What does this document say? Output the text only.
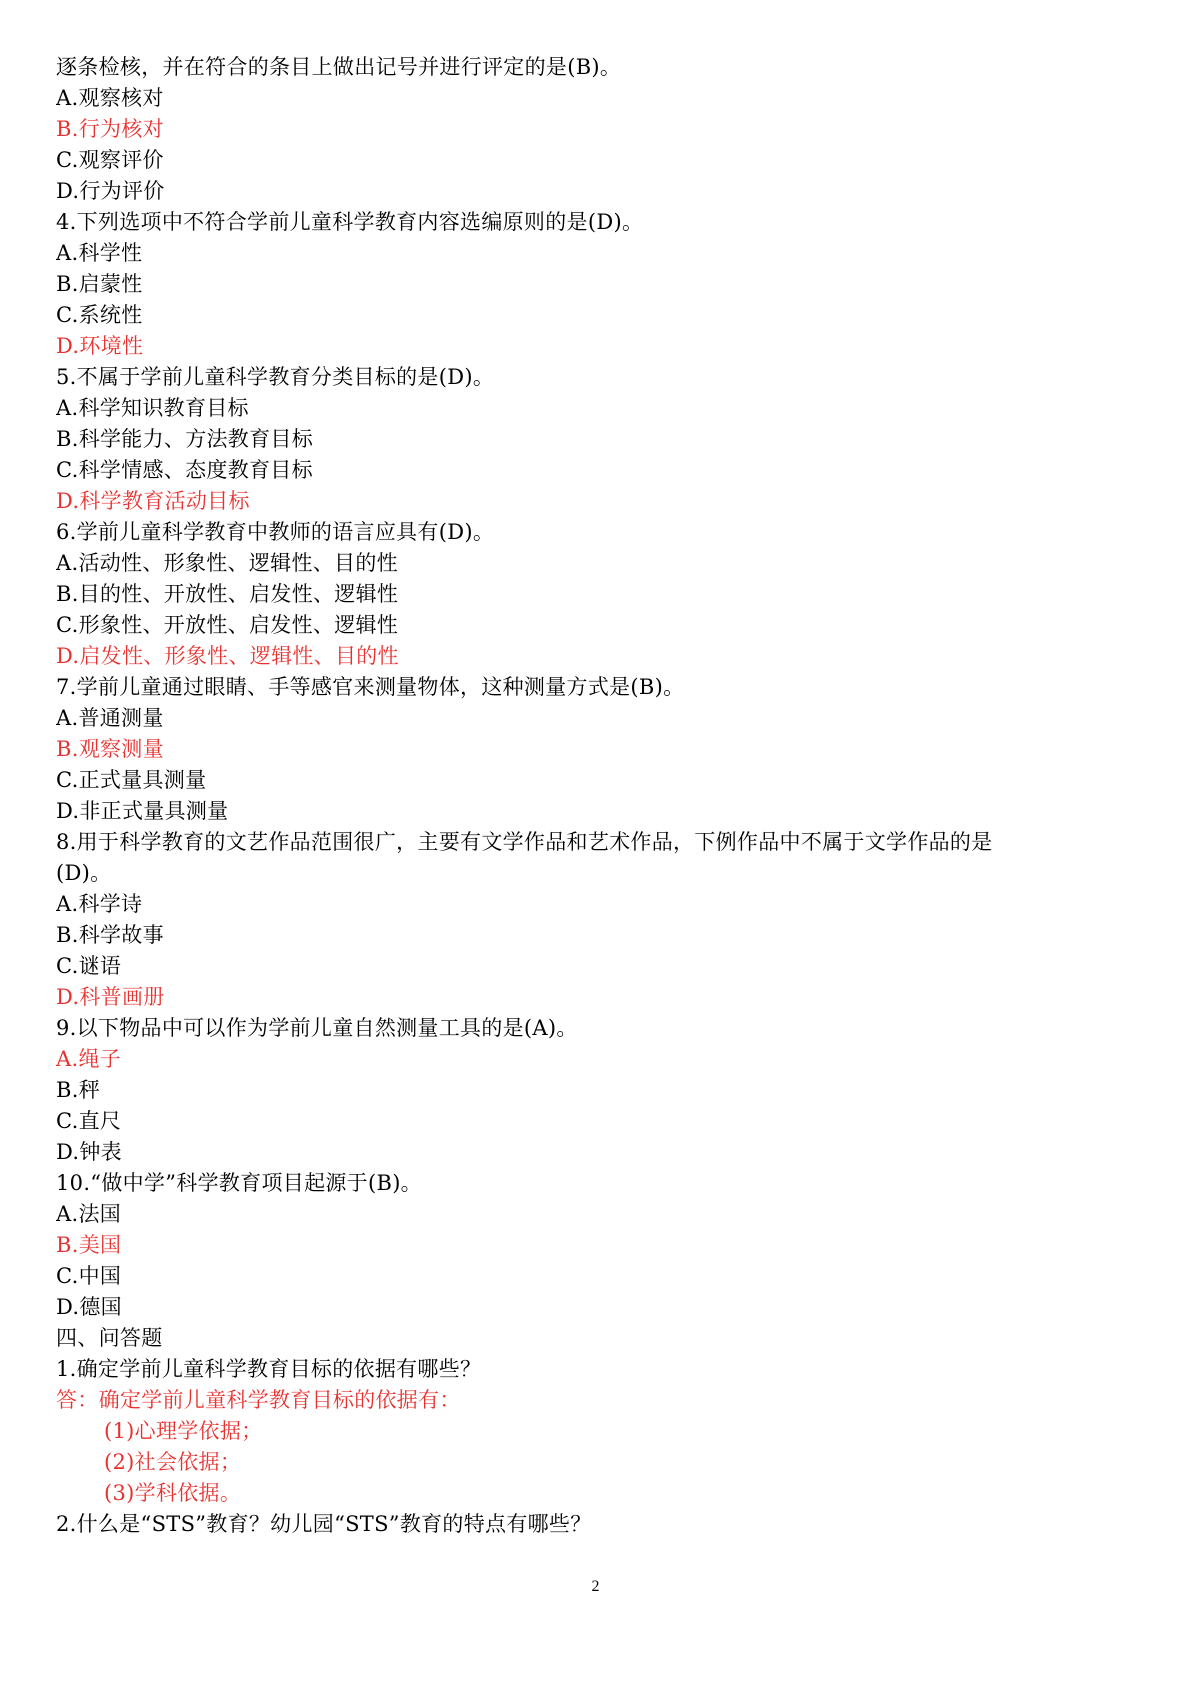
逐条检核，并在符合的条目上做出记号并进行评定的是(B)。
A.观察核对
B.行为核对
C.观察评价
D.行为评价
4.下列选项中不符合学前儿童科学教育内容选编原则的是(D)。
A.科学性
B.启蒙性
C.系统性
D.环境性
5.不属于学前儿童科学教育分类目标的是(D)。
A.科学知识教育目标
B.科学能力、方法教育目标
C.科学情感、态度教育目标
D.科学教育活动目标
6.学前儿童科学教育中教师的语言应具有(D)。
A.活动性、形象性、逻辑性、目的性
B.目的性、开放性、启发性、逻辑性
C.形象性、开放性、启发性、逻辑性
D.启发性、形象性、逻辑性、目的性
7.学前儿童通过眼睛、手等感官来测量物体，这种测量方式是(B)。
A.普通测量
B.观察测量
C.正式量具测量
D.非正式量具测量
8.用于科学教育的文艺作品范围很广，主要有文学作品和艺术作品，下例作品中不属于文学作品的是
(D)。
A.科学诗
B.科学故事
C.谜语
D.科普画册
9.以下物品中可以作为学前儿童自然测量工具的是(A)。
A.绳子
B.秤
C.直尺
D.钟表
10.“做中学”科学教育项目起源于(B)。
A.法国
B.美国
C.中国
D.德国
四、问答题
1.确定学前儿童科学教育目标的依据有哪些？
答：确定学前儿童科学教育目标的依据有：
(1)心理学依据；
(2)社会依据；
(3)学科依据。
2.什么是“STS”教育？幼儿园“STS”教育的特点有哪些？
2
